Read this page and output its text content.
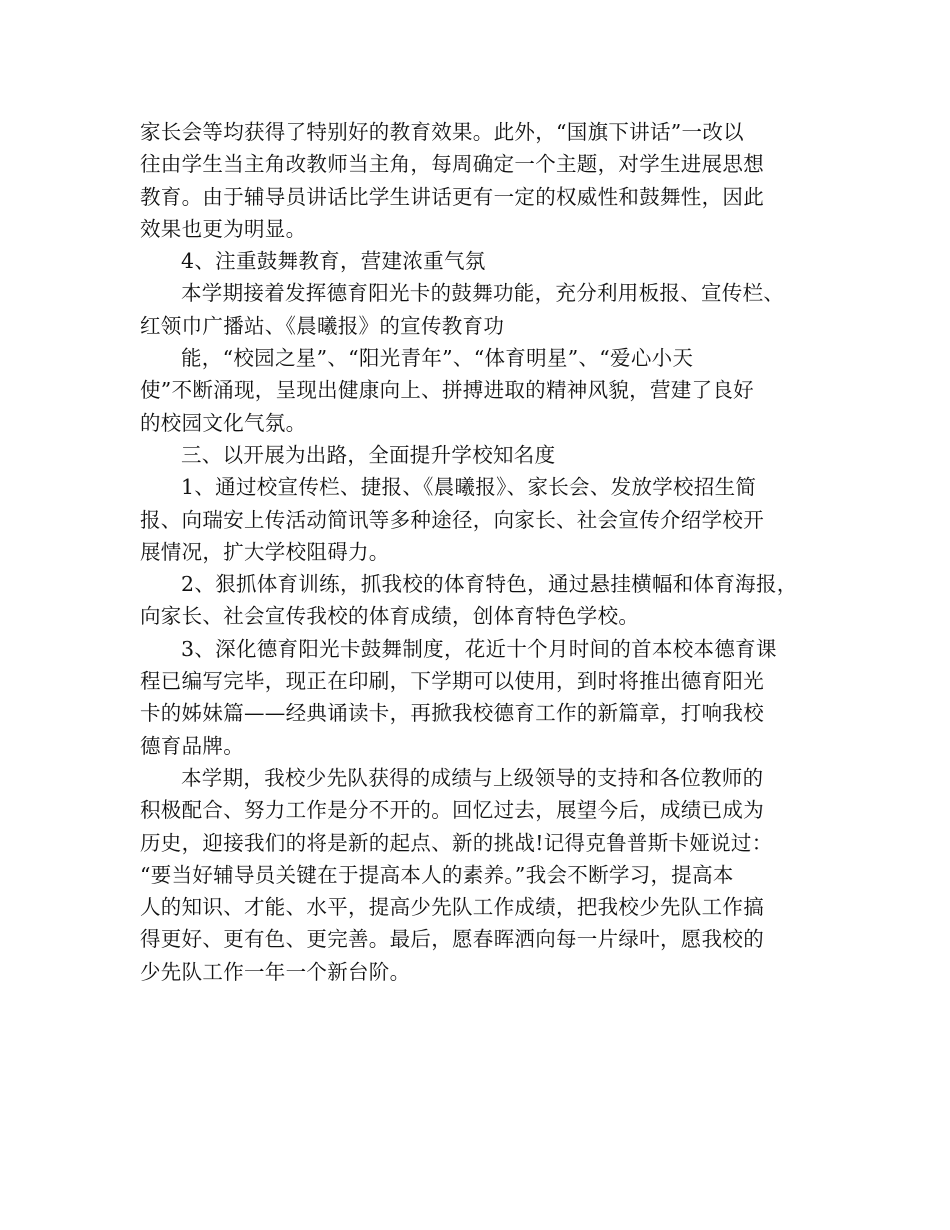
家长会等均获得了特别好的教育效果。此外，“国旗下讲话”一改以
往由学生当主角改教师当主角，每周确定一个主题，对学生进展思想
教育。由于辅导员讲话比学生讲话更有一定的权威性和鼓舞性，因此
效果也更为明显。

4、注重鼓舞教育，营建浓重气氛

本学期接着发挥德育阳光卡的鼓舞功能，充分利用板报、宣传栏、
红领巾广播站、《晨曦报》的宣传教育功

能，“校园之星”、“阳光青年”、“体育明星”、“爱心小天
使”不断涌现，呈现出健康向上、拼搏进取的精神风貌，营建了良好
的校园文化气氛。

三、以开展为出路，全面提升学校知名度

1、通过校宣传栏、捷报、《晨曦报》、家长会、发放学校招生简
报、向瑞安上传活动简讯等多种途径，向家长、社会宣传介绍学校开
展情况，扩大学校阻碍力。

2、狠抓体育训练，抓我校的体育特色，通过悬挂横幅和体育海报，
向家长、社会宣传我校的体育成绩，创体育特色学校。

3、深化德育阳光卡鼓舞制度，花近十个月时间的首本校本德育课
程已编写完毕，现正在印刷，下学期可以使用，到时将推出德育阳光
卡的姊妹篇——经典诵读卡，再掀我校德育工作的新篇章，打响我校
德育品牌。

本学期，我校少先队获得的成绩与上级领导的支持和各位教师的
积极配合、努力工作是分不开的。回忆过去，展望今后，成绩已成为
历史，迎接我们的将是新的起点、新的挑战!记得克鲁普斯卡娅说过：
“要当好辅导员关键在于提高本人的素养。”我会不断学习，提高本
人的知识、才能、水平，提高少先队工作成绩，把我校少先队工作搞
得更好、更有色、更完善。最后，愿春晖洒向每一片绿叶，愿我校的
少先队工作一年一个新台阶。
